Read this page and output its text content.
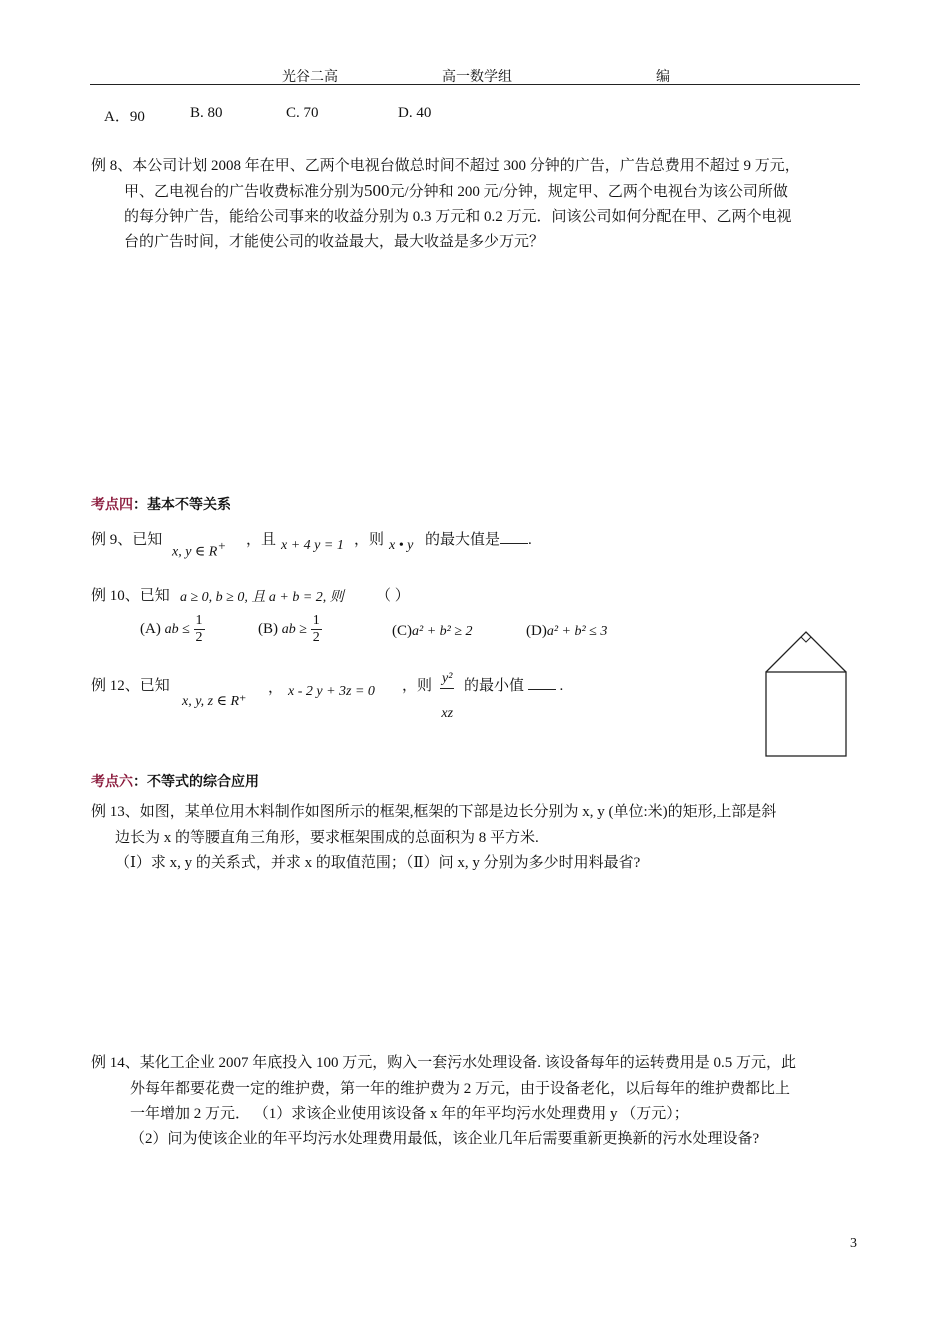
光谷二高	高一数学组	编
A．90	B. 80	C. 70	D. 40
例 8、本公司计划 2008 年在甲、乙两个电视台做总时间不超过 300 分钟的广告，广告总费用不超过 9 万元，
甲、乙电视台的广告收费标准分别为500元/分钟和 200 元/分钟，规定甲、乙两个电视台为该公司所做
的每分钟广告，能给公司事来的收益分别为 0.3 万元和 0.2 万元．问该公司如何分配在甲、乙两个电视
台的广告时间，才能使公司的收益最大，最大收益是多少万元？
考点四：基本不等关系
例 9、已知
x, y ∈ R+ ，且 x + 4 y = 1 ，则 x • y 的最大值是 .
例 10、已知 a ≥ 0, b ≥ 0, 且 a + b = 2, 则 （ ）
(A) ab ≤ $\frac{1}{2}$	(B) ab ≥ $\frac{1}{2}$	(C)a² + b² ≥ 2	(D)a² + b² ≤ 3
例 12、已知
x, y, z ∈ R⁺
， x - 2 y + 3z = 0 ，则 $\frac{\text{y²}}{xz}$ 的最小值 .
考点六：不等式的综合应用
例 13、如图，某单位用木料制作如图所示的框架,框架的下部是边长分别为 x, y (单位:米)的矩形,上部是斜
边长为 x 的等腰直角三角形，要求框架围成的总面积为 8 平方米.
（Ⅰ）求 x, y 的关系式，并求 x 的取值范围；（Ⅱ）问 x, y 分别为多少时用料最省?
例 14、某化工企业 2007 年底投入 100 万元，购入一套污水处理设备. 该设备每年的运转费用是 0.5 万元，此
外每年都要花费一定的维护费，第一年的维护费为 2 万元，由于设备老化，以后每年的维护费都比上
一年增加 2 万元． （1）求该企业使用该设备 x 年的年平均污水处理费用 y （万元）；
（2）问为使该企业的年平均污水处理费用最低，该企业几年后需要重新更换新的污水处理设备?
3
